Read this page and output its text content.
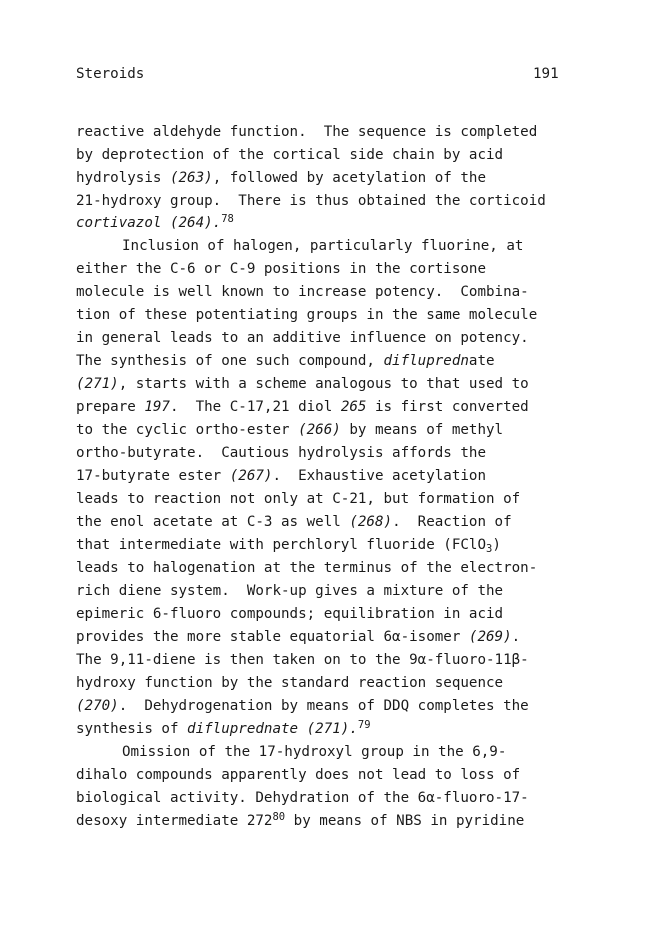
Steroids	191
reactive aldehyde function.  The sequence is completed
by deprotection of the cortical side chain by acid
hydrolysis (263), followed by acetylation of the
21-hydroxy group.  There is thus obtained the corticoid
cortivazol (264).$^{78}$
Inclusion of halogen, particularly fluorine, at
either the C-6 or C-9 positions in the cortisone
molecule is well known to increase potency.  Combina-
tion of these potentiating groups in the same molecule
in general leads to an additive influence on potency.
The synthesis of one such compound, difluprednate
(271), starts with a scheme analogous to that used to
prepare 197.  The C-17,21 diol 265 is first converted
to the cyclic ortho-ester (266) by means of methyl
ortho-butyrate.  Cautious hydrolysis affords the
17-butyrate ester (267).  Exhaustive acetylation
leads to reaction not only at C-21, but formation of
the enol acetate at C-3 as well (268).  Reaction of
that intermediate with perchloryl fluoride (FClO$_3$)
leads to halogenation at the terminus of the electron-
rich diene system.  Work-up gives a mixture of the
epimeric 6-fluoro compounds; equilibration in acid
provides the more stable equatorial 6α-isomer (269).
The 9,11-diene is then taken on to the 9α-fluoro-11β-
hydroxy function by the standard reaction sequence
(270).  Dehydrogenation by means of DDQ completes the
synthesis of difluprednate (271).$^{79}$
Omission of the 17-hydroxyl group in the 6,9-
dihalo compounds apparently does not lead to loss of
biological activity. Dehydration of the 6α-fluoro-17-
desoxy intermediate $272^{80}$ by means of NBS in pyridine
